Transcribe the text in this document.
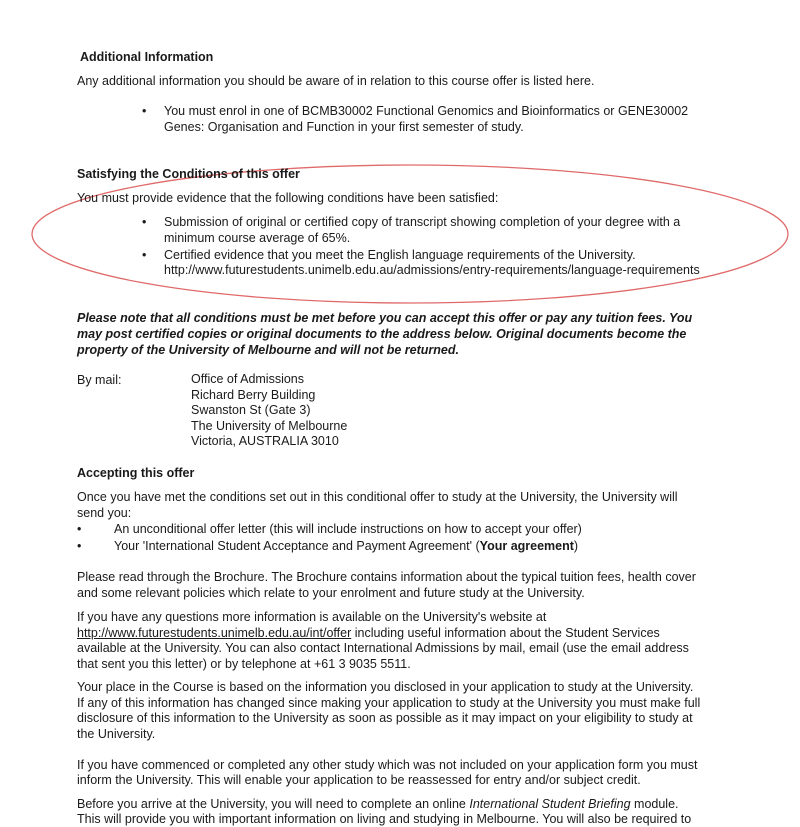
Additional Information
Any additional information you should be aware of in relation to this course offer is listed here.
• You must enrol in one of BCMB30002 Functional Genomics and Bioinformatics or GENE30002
Genes: Organisation and Function in your first semester of study.
Satisfying the Conditions of this offer
You must provide evidence that the following conditions have been satisfied:
• Submission of original or certified copy of transcript showing completion of your degree with a
minimum course average of 65%.
• Certified evidence that you meet the English language requirements of the University.
http://www.futurestudents.unimelb.edu.au/admissions/entry-requirements/language-requirements
Please note that all conditions must be met before you can accept this offer or pay any tuition fees. You
may post certified copies or original documents to the address below. Original documents become the
property of the University of Melbourne and will not be returned.
By mail:	Office of Admissions
Richard Berry Building
Swanston St (Gate 3)
The University of Melbourne
Victoria, AUSTRALIA 3010
Accepting this offer
Once you have met the conditions set out in this conditional offer to study at the University, the University will
send you:
•	An unconditional offer letter (this will include instructions on how to accept your offer)
•	Your 'International Student Acceptance and Payment Agreement' (Your agreement)
Please read through the Brochure. The Brochure contains information about the typical tuition fees, health cover
and some relevant policies which relate to your enrolment and future study at the University.
If you have any questions more information is available on the University's website at
http://www.futurestudents.unimelb.edu.au/int/offer including useful information about the Student Services
available at the University. You can also contact International Admissions by mail, email (use the email address
that sent you this letter) or by telephone at +61 3 9035 5511.
Your place in the Course is based on the information you disclosed in your application to study at the University.
If any of this information has changed since making your application to study at the University you must make full
disclosure of this information to the University as soon as possible as it may impact on your eligibility to study at
the University.
If you have commenced or completed any other study which was not included on your application form you must
inform the University. This will enable your application to be reassessed for entry and/or subject credit.
Before you arrive at the University, you will need to complete an online International Student Briefing module.
This will provide you with important information on living and studying in Melbourne. You will also be required to
